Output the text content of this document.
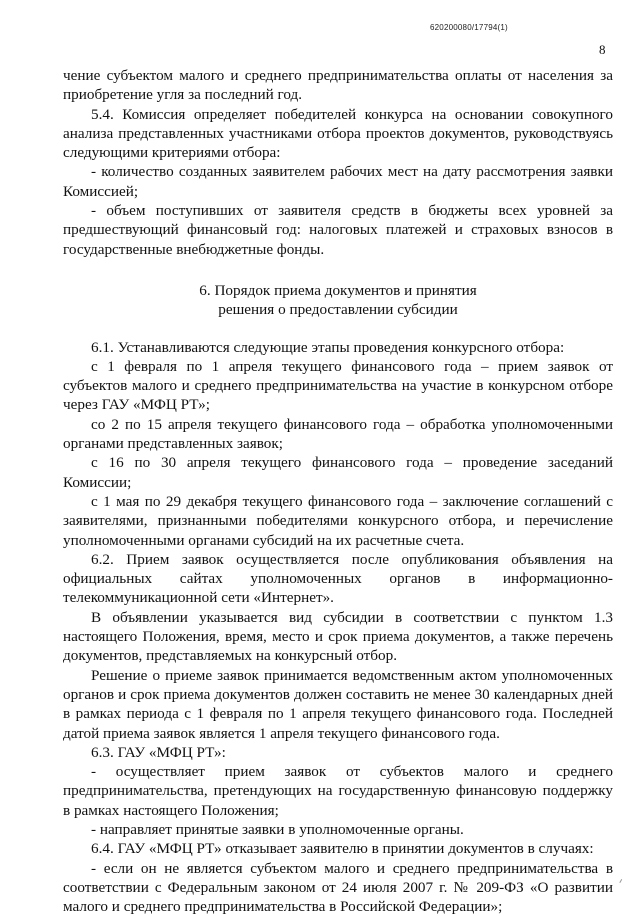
620200080/17794(1)

8

чение субъектом малого и среднего предпринимательства оплаты от населения за приобретение угля за последний год.

5.4. Комиссия определяет победителей конкурса на основании совокупного анализа представленных участниками отбора проектов документов, руководствуясь следующими критериями отбора:

- количество созданных заявителем рабочих мест на дату рассмотрения заявки Комиссией;

- объем поступивших от заявителя средств в бюджеты всех уровней за предшествующий финансовый год: налоговых платежей и страховых взносов в государственные внебюджетные фонды.

6. Порядок приема документов и принятия

решения о предоставлении субсидии

6.1. Устанавливаются следующие этапы проведения конкурсного отбора:

с 1 февраля по 1 апреля текущего финансового года – прием заявок от субъектов малого и среднего предпринимательства на участие в конкурсном отборе через ГАУ «МФЦ РТ»;

со 2 по 15 апреля текущего финансового года – обработка уполномоченными органами представленных заявок;

с 16 по 30 апреля текущего финансового года – проведение заседаний Комиссии;

с 1 мая по 29 декабря текущего финансового года – заключение соглашений с заявителями, признанными победителями конкурсного отбора, и перечисление уполномоченными органами субсидий на их расчетные счета.

6.2. Прием заявок осуществляется после опубликования объявления на официальных сайтах уполномоченных органов в информационно-телекоммуникационной сети «Интернет».

В объявлении указывается вид субсидии в соответствии с пунктом 1.3 настоящего Положения, время, место и срок приема документов, а также перечень документов, представляемых на конкурсный отбор.

Решение о приеме заявок принимается ведомственным актом уполномоченных органов и срок приема документов должен составить не менее 30 календарных дней в рамках периода с 1 февраля по 1 апреля текущего финансового года. Последней датой приема заявок является 1 апреля текущего финансового года.

6.3. ГАУ «МФЦ РТ»:

- осуществляет прием заявок от субъектов малого и среднего предпринимательства, претендующих на государственную финансовую поддержку в рамках настоящего Положения;

- направляет принятые заявки в уполномоченные органы.

6.4. ГАУ «МФЦ РТ» отказывает заявителю в принятии документов в случаях:

- если он не является субъектом малого и среднего предпринимательства в соответствии с Федеральным законом от 24 июля 2007 г. № 209-ФЗ «О развитии малого и среднего предпринимательства в Российской Федерации»;
